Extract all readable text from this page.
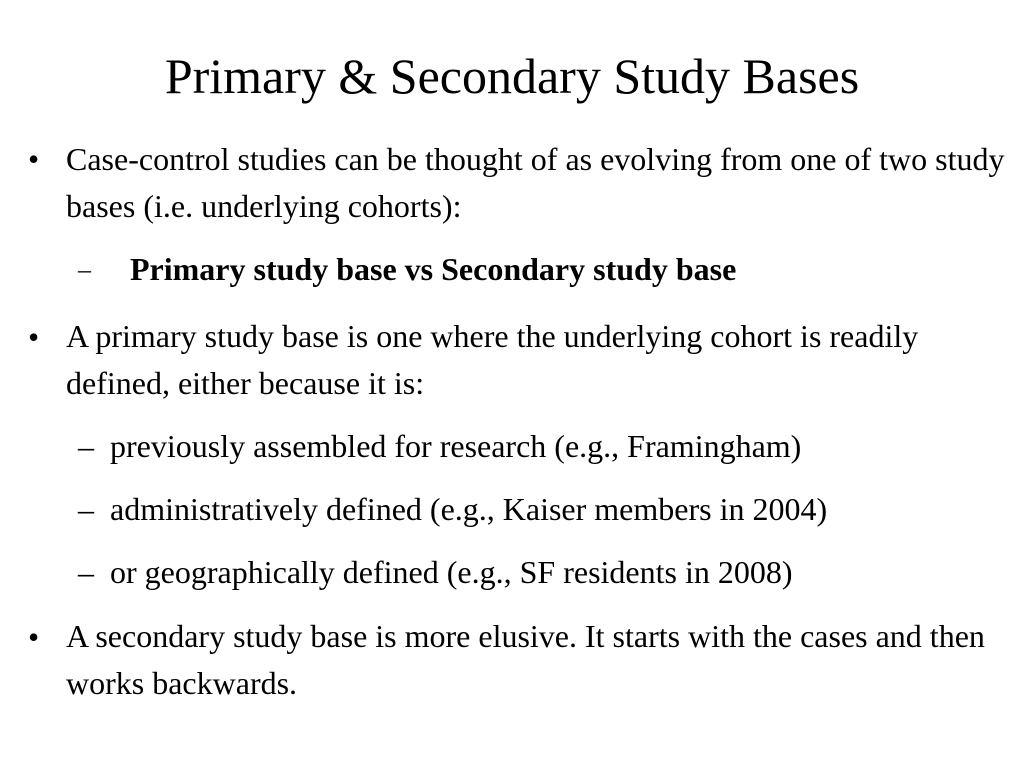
Primary & Secondary Study Bases
• Case-control studies can be thought of as evolving from one of two study bases (i.e. underlying cohorts):
– Primary study base vs Secondary study base
• A primary study base is one where the underlying cohort is readily defined, either because it is:
– previously assembled for research (e.g., Framingham)
– administratively defined (e.g., Kaiser members in 2004)
– or geographically defined (e.g., SF residents in 2008)
• A secondary study base is more elusive. It starts with the cases and then works backwards.
